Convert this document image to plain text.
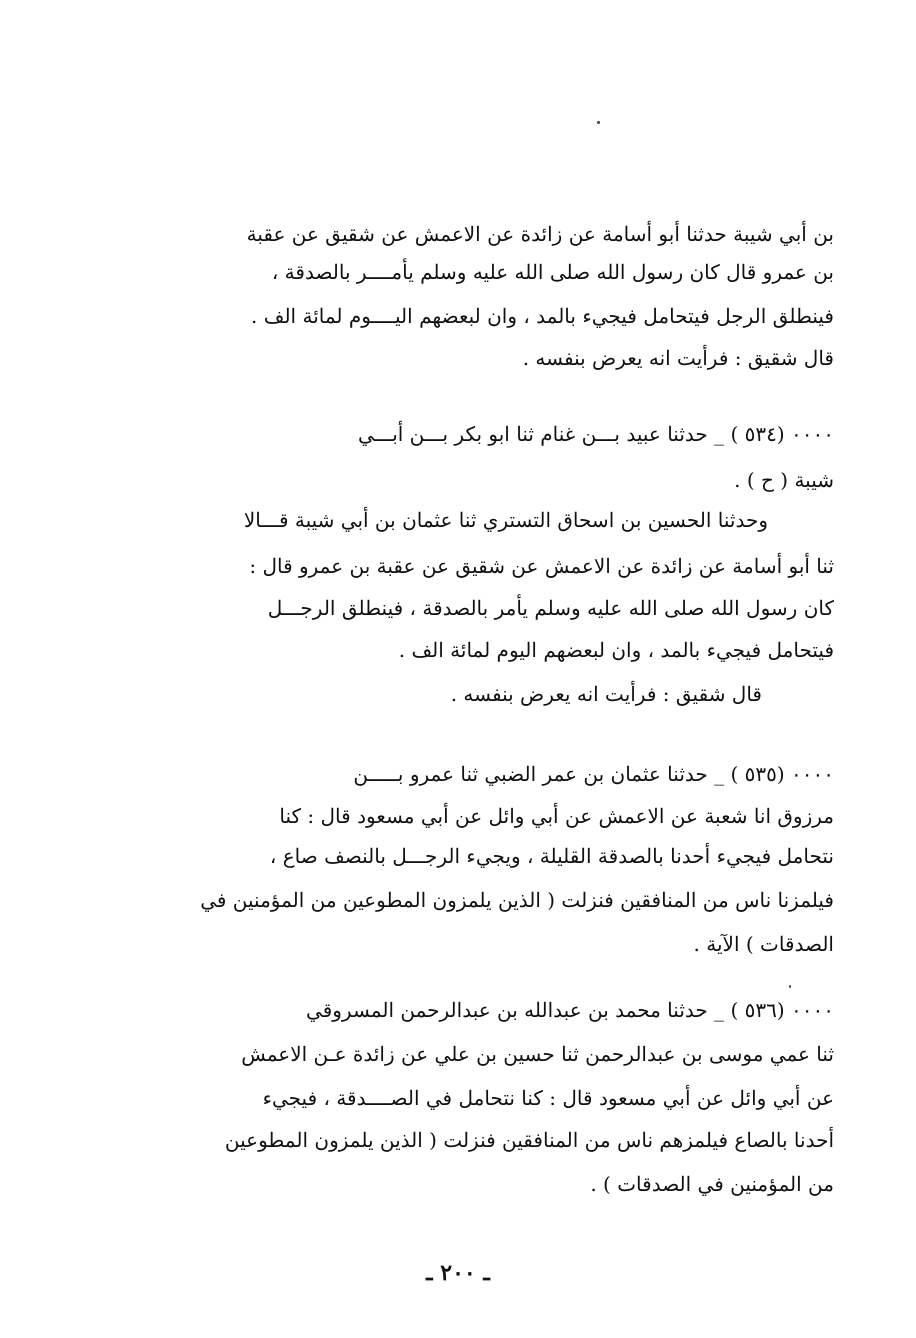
بن أبي شيبة حدثنا أبو أسامة عن زائدة عن الاعمش عن شقيق عن عقبة
بن عمرو قال كان رسول الله صلى الله عليه وسلم يأمــــر بالصدقة ،
فينطلق الرجل فيتحامل فيجيء بالمد ، وان لبعضهم اليــــوم لمائة الف .
قال شقيق : فرأيت انه يعرض بنفسه .
٠٠٠٠ (٥٣٤ ) _ حدثنا عبيد بـــن غنام ثنا ابو بكر بـــن أبـــي
شيبة ( ح ) .
وحدثنا الحسين بن اسحاق التستري ثنا عثمان بن أبي شيبة قـــالا
ثنا أبو أسامة عن زائدة عن الاعمش عن شقيق عن عقبة بن عمرو قال :
كان رسول الله صلى الله عليه وسلم يأمر بالصدقة ، فينطلق الرجـــل
فيتحامل فيجيء بالمد ، وان لبعضهم اليوم لمائة الف .
قال شقيق : فرأيت انه يعرض بنفسه .
٠٠٠٠ (٥٣٥ ) _ حدثنا عثمان بن عمر الضبي ثنا عمرو بـــــن
مرزوق انا شعبة عن الاعمش عن أبي وائل عن أبي مسعود قال : كنا
نتحامل فيجيء أحدنا بالصدقة القليلة ، ويجيء الرجـــل بالنصف صاع ،
فيلمزنا ناس من المنافقين فنزلت ( الذين يلمزون المطوعين من المؤمنين في
الصدقات ) الآية .
٠٠٠٠ (٥٣٦ ) _ حدثنا محمد بن عبدالله بن عبدالرحمن المسروقي
ثنا عمي موسى بن عبدالرحمن ثنا حسين بن علي عن زائدة عـن الاعمش
عن أبي وائل عن أبي مسعود قال : كنا نتحامل في الصــــدقة ، فيجيء
أحدنا بالصاع فيلمزهم ناس من المنافقين فنزلت ( الذين يلمزون المطوعين
من المؤمنين في الصدقات ) .
ـ ٢٠٠ ـ
